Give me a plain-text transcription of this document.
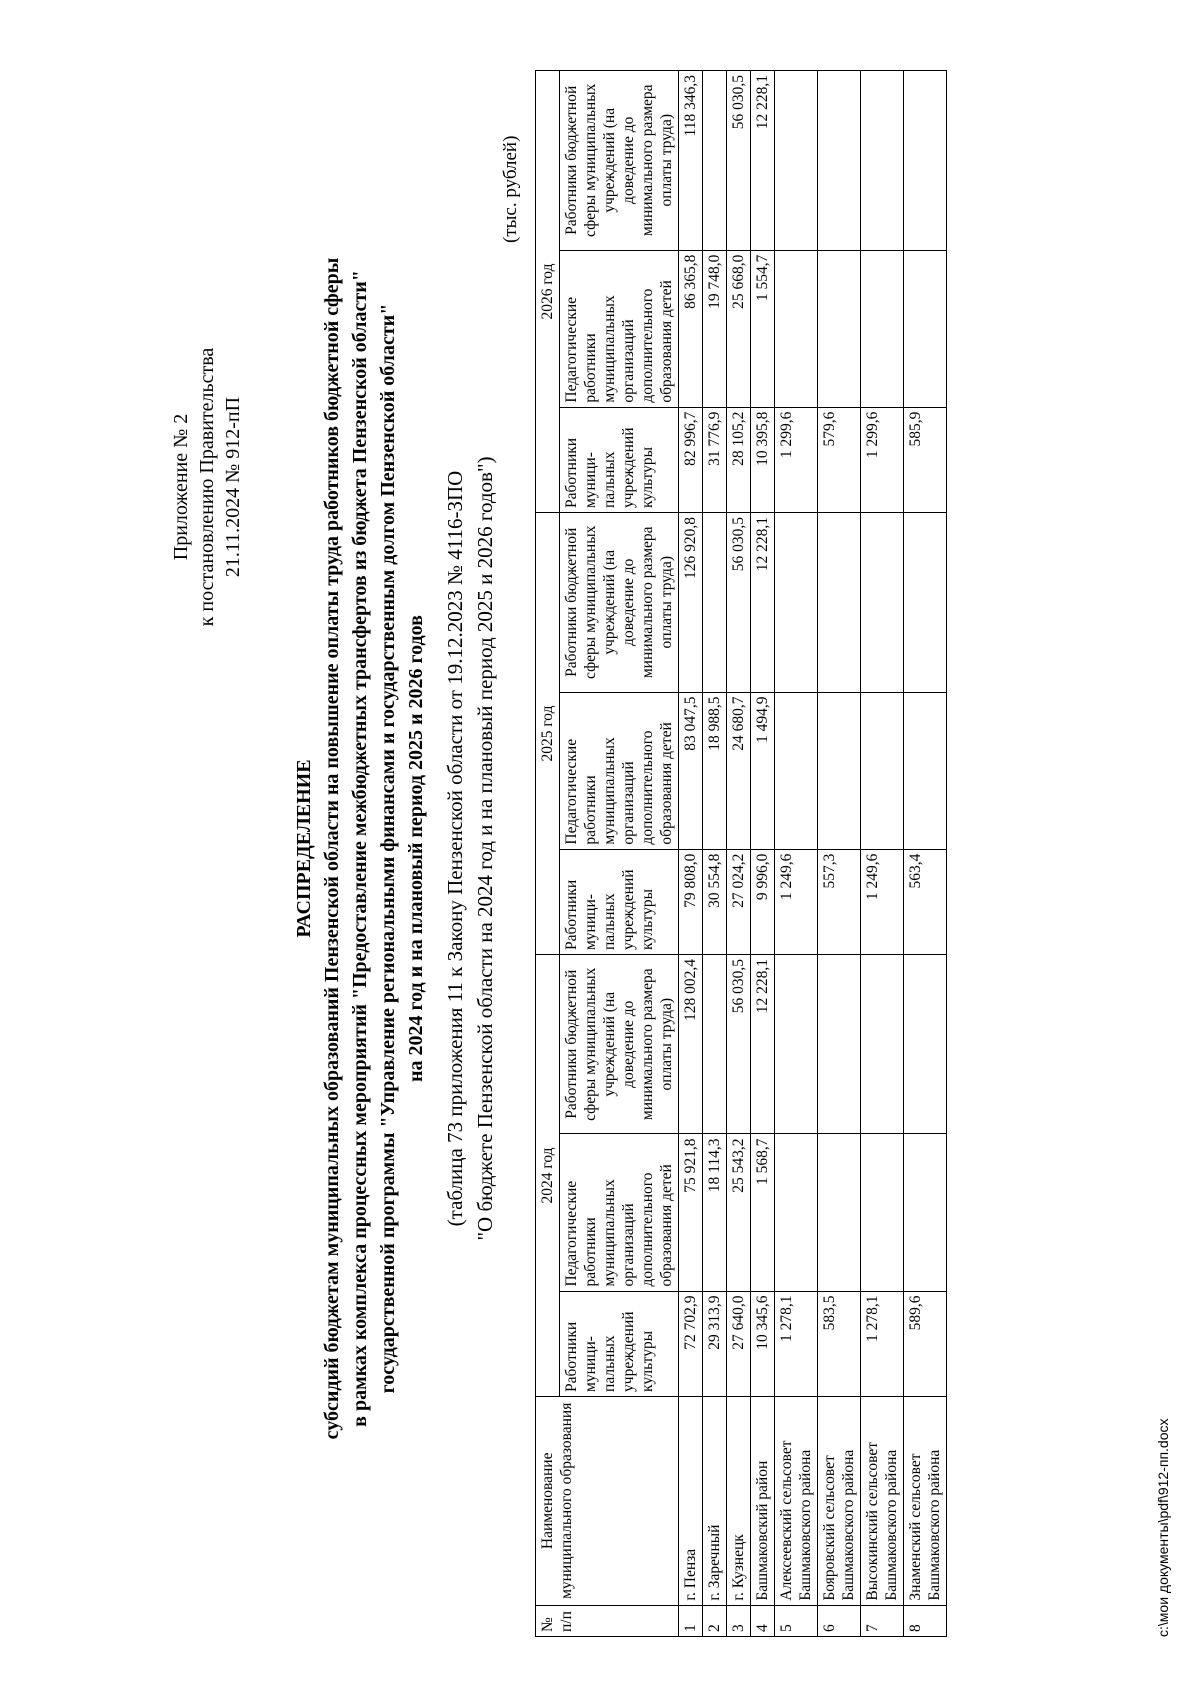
Приложение № 2 к постановлению Правительства 21.11.2024 № 912-пП
РАСПРЕДЕЛЕНИЕ субсидий бюджетам муниципальных образований Пензенской области на повышение оплаты труда работников бюджетной сферы в рамках комплекса процессных мероприятий "Предоставление межбюджетных трансфертов из бюджета Пензенской области" государственной программы "Управление региональными финансами и государственным долгом Пензенской области" на 2024 год и на плановый период 2025 и 2026 годов (таблица 73 приложения 11 к Закону Пензенской области от 19.12.2023 № 4116-ЗПО "О бюджете Пензенской области на 2024 год и на плановый период 2025 и 2026 годов")
(тыс. рублей)
№ п/п	Наименование муниципального образования	2024 год			2025 год			2026 год		
		Работники муници-пальных учреждений культуры	Педагогические работники муниципальных организаций дополнительного образования детей	Работники бюджетной сферы муниципальных учреждений (на доведение до минимального размера оплаты труда)	Работники муници-пальных учреждений культуры	Педагогические работники муниципальных организаций дополнительного образования детей	Работники бюджетной сферы муниципальных учреждений (на доведение до минимального размера оплаты труда)	Работники муници-пальных учреждений культуры	Педагогические работники муниципальных организаций дополнительного образования детей	Работники бюджетной сферы муниципальных учреждений (на доведение до минимального размера оплаты труда)
1	г. Пенза	72 702,9	75 921,8	128 002,4	79 808,0	83 047,5	126 920,8	82 996,7	86 365,8	118 346,3
2	г. Заречный	29 313,9	18 114,3		30 554,8	18 988,5		31 776,9	19 748,0	
3	г. Кузнецк	27 640,0	25 543,2	56 030,5	27 024,2	24 680,7	56 030,5	28 105,2	25 668,0	56 030,5
4	Башмаковский район	10 345,6	1 568,7	12 228,1	9 996,0	1 494,9	12 228,1	10 395,8	1 554,7	12 228,1
5	Алексеевский сельсовет Башмаковского района	1 278,1			1 249,6			1 299,6		
6	Бояровский сельсовет Башмаковского района	583,5			557,3			579,6		
7	Высокинский сельсовет Башмаковского района	1 278,1			1 249,6			1 299,6		
8	Знаменский сельсовет Башмаковского района	589,6			563,4			585,9		
c:\мои документы\pdf\912-пп.docx
